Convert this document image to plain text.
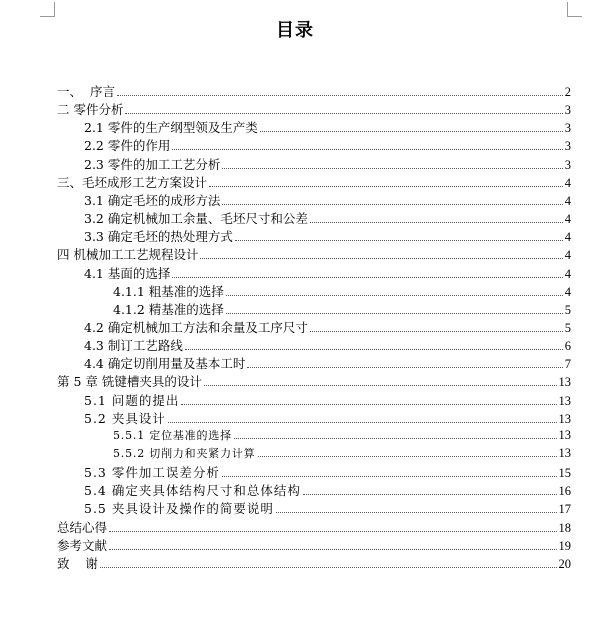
目录
一、  序言	2
二 零件分析	3
2.1 零件的生产纲型领及生产类	3
2.2 零件的作用	3
2.3 零件的加工工艺分析	3
三、毛坯成形工艺方案设计	4
3.1 确定毛坯的成形方法	4
3.2 确定机械加工余量、毛坯尺寸和公差	4
3.3 确定毛坯的热处理方式	4
四 机械加工工艺规程设计	4
4.1 基面的选择	4
4.1.1 粗基准的选择	4
4.1.2 精基准的选择	5
4.2 确定机械加工方法和余量及工序尺寸	5
4.3 制订工艺路线	6
4.4 确定切削用量及基本工时	7
第 5 章 铣键槽夹具的设计	13
5.1 问题的提出	13
5.2 夹具设计	13
5.5.1 定位基准的选择	13
5.5.2 切削力和夹紧力计算	13
5.3 零件加工误差分析	15
5.4 确定夹具体结构尺寸和总体结构	16
5.5 夹具设计及操作的简要说明	17
总结心得	18
参考文献	19
致    谢	20
